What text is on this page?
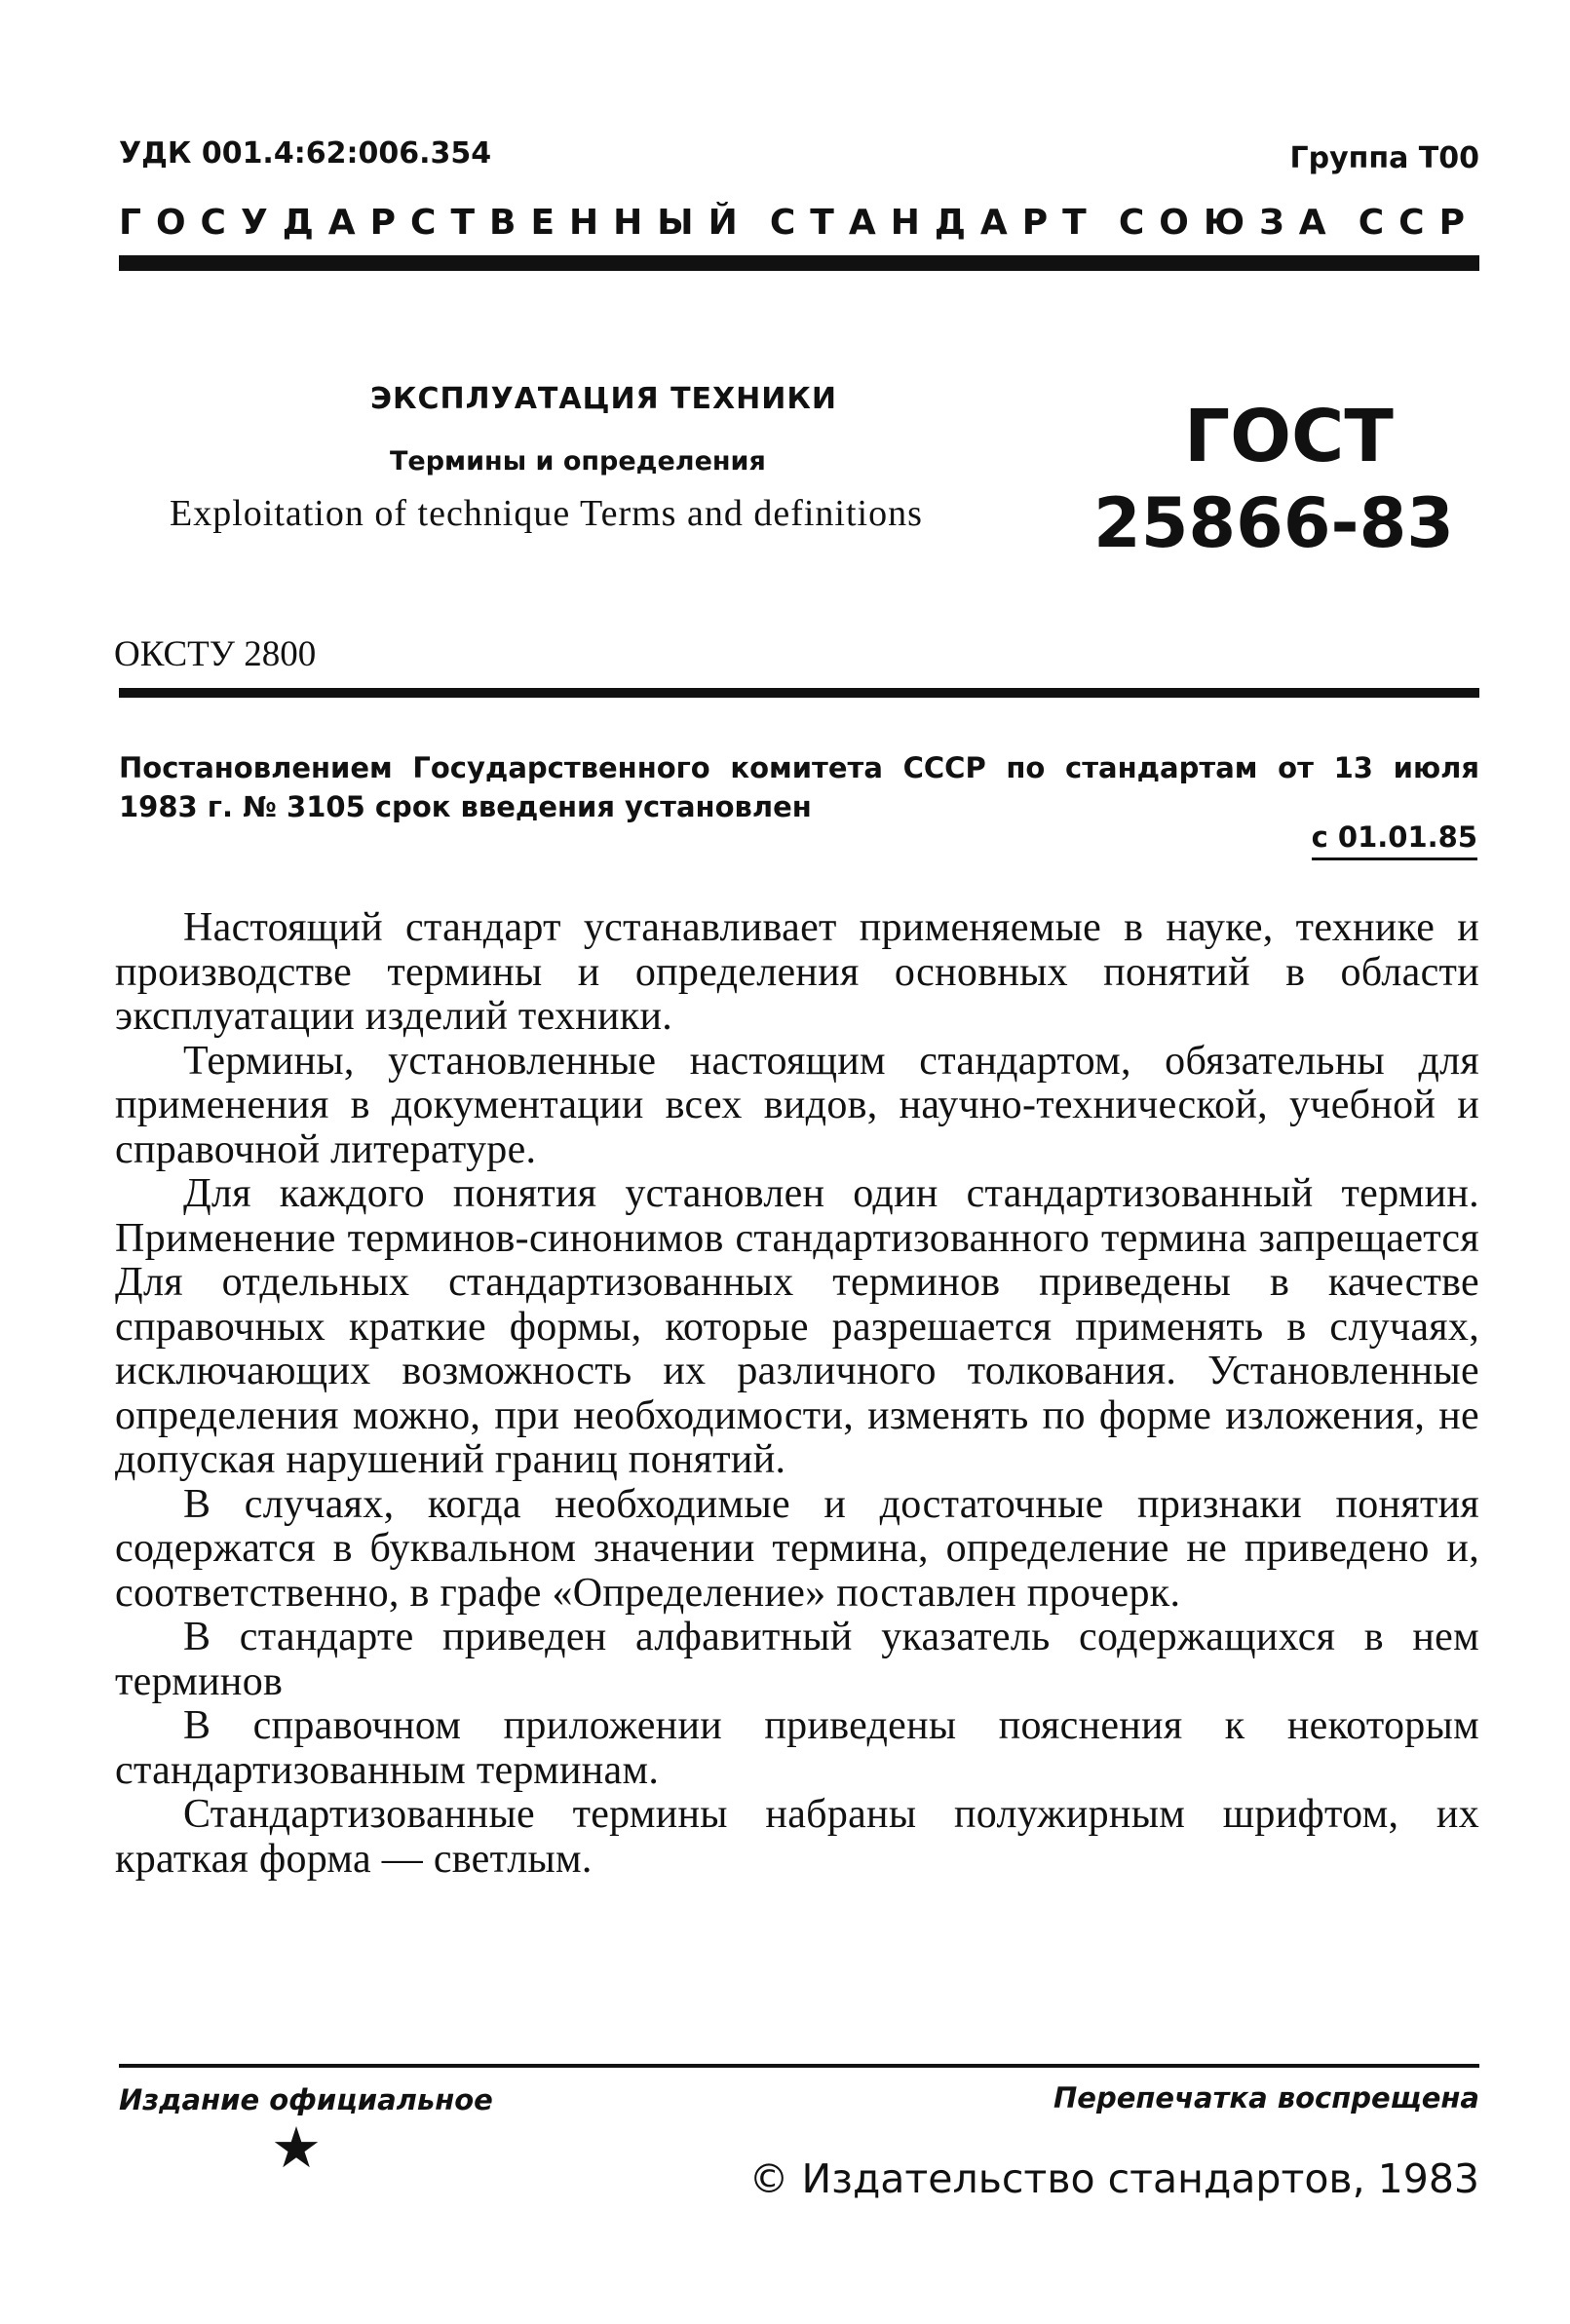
УДК 001.4:62:006.354	Группа Т00
ГОСУДАРСТВЕННЫЙ СТАНДАРТ СОЮЗА ССР
ЭКСПЛУАТАЦИЯ ТЕХНИКИ
Термины и определения
Exploitation of technique Terms and definitions
ГОСТ
25866-83
ОКСТУ 2800
Постановлением Государственного комитета СССР по стандартам от 13 июля 1983 г. № 3105 срок введения установлен
с 01.01.85

Настоящий стандарт устанавливает применяемые в науке, технике и производстве термины и определения основных понятий в области эксплуатации изделий техники.

Термины, установленные настоящим стандартом, обязательны для применения в документации всех видов, научно-технической, учебной и справочной литературе.

Для каждого понятия установлен один стандартизованный термин. Применение терминов-синонимов стандартизованного термина запрещается Для отдельных стандартизованных терминов приведены в качестве справочных краткие формы, которые разрешается применять в случаях, исключающих возможность их различного толкования. Установленные определения можно, при необходимости, изменять по форме изложения, не допуская нарушений границ понятий.

В случаях, когда необходимые и достаточные признаки понятия содержатся в буквальном значении термина, определение не приведено и, соответственно, в графе «Определение» поставлен прочерк.

В стандарте приведен алфавитный указатель содержащихся в нем терминов

В справочном приложении приведены пояснения к некоторым стандартизованным терминам.

Стандартизованные термины набраны полужирным шрифтом, их краткая форма — светлым.

Издание официальное	Перепечатка воспрещена
★	© Издательство стандартов, 1983
